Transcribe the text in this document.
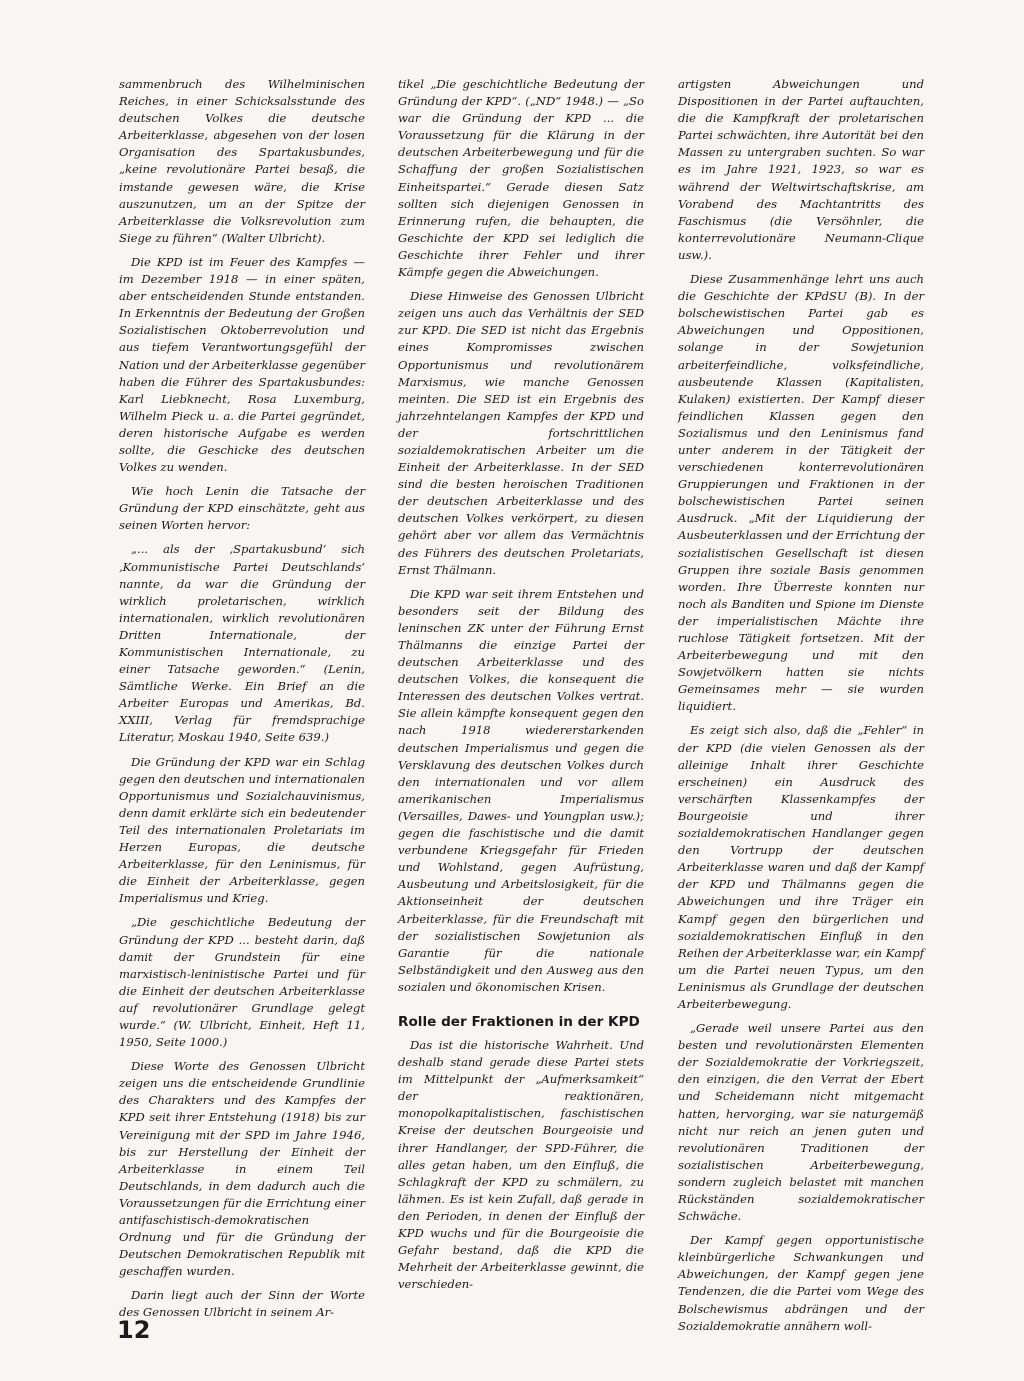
sammenbruch des Wilhelminischen Reiches, in einer Schicksalsstunde des deutschen Volkes die deutsche Arbeiterklasse, abgesehen von der losen Organisation des Spartakusbundes, „keine revolutionäre Partei besaß, die imstande gewesen wäre, die Krise auszunutzen, um an der Spitze der Arbeiterklasse die Volksrevolution zum Siege zu führen“ (Walter Ulbricht).

Die KPD ist im Feuer des Kampfes — im Dezember 1918 — in einer späten, aber entscheidenden Stunde entstanden. In Erkenntnis der Bedeutung der Großen Sozialistischen Oktoberrevolution und aus tiefem Verantwortungsgefühl der Nation und der Arbeiterklasse gegenüber haben die Führer des Spartakusbundes: Karl Liebknecht, Rosa Luxemburg, Wilhelm Pieck u. a. die Partei gegründet, deren historische Aufgabe es werden sollte, die Geschicke des deutschen Volkes zu wenden.

Wie hoch Lenin die Tatsache der Gründung der KPD einschätzte, geht aus seinen Worten hervor:

„... als der ‚Spartakusbund‘ sich ‚Kommunistische Partei Deutschlands‘ nannte, da war die Gründung der wirklich proletarischen, wirklich internationalen, wirklich revolutionären Dritten Internationale, der Kommunistischen Internationale, zu einer Tatsache geworden.“ (Lenin, Sämtliche Werke. Ein Brief an die Arbeiter Europas und Amerikas, Bd. XXIII, Verlag für fremdsprachige Literatur, Moskau 1940, Seite 639.)

Die Gründung der KPD war ein Schlag gegen den deutschen und internationalen Opportunismus und Sozialchauvinismus, denn damit erklärte sich ein bedeutender Teil des internationalen Proletariats im Herzen Europas, die deutsche Arbeiterklasse, für den Leninismus, für die Einheit der Arbeiterklasse, gegen Imperialismus und Krieg.

„Die geschichtliche Bedeutung der Gründung der KPD ... besteht darin, daß damit der Grundstein für eine marxistisch-leninistische Partei und für die Einheit der deutschen Arbeiterklasse auf revolutionärer Grundlage gelegt wurde.“ (W. Ulbricht, Einheit, Heft 11, 1950, Seite 1000.)

Diese Worte des Genossen Ulbricht zeigen uns die entscheidende Grundlinie des Charakters und des Kampfes der KPD seit ihrer Entstehung (1918) bis zur Vereinigung mit der SPD im Jahre 1946, bis zur Herstellung der Einheit der Arbeiterklasse in einem Teil Deutschlands, in dem dadurch auch die Voraussetzungen für die Errichtung einer antifaschistisch-demokratischen Ordnung und für die Gründung der Deutschen Demokratischen Republik mit geschaffen wurden.

Darin liegt auch der Sinn der Worte des Genossen Ulbricht in seinem Ar-

tikel „Die geschichtliche Bedeutung der Gründung der KPD“. („ND“ 1948.) — „So war die Gründung der KPD ... die Voraussetzung für die Klärung in der deutschen Arbeiterbewegung und für die Schaffung der großen Sozialistischen Einheitspartei.“ Gerade diesen Satz sollten sich diejenigen Genossen in Erinnerung rufen, die behaupten, die Geschichte der KPD sei lediglich die Geschichte ihrer Fehler und ihrer Kämpfe gegen die Abweichungen.

Diese Hinweise des Genossen Ulbricht zeigen uns auch das Verhältnis der SED zur KPD. Die SED ist nicht das Ergebnis eines Kompromisses zwischen Opportunismus und revolutionärem Marxismus, wie manche Genossen meinten. Die SED ist ein Ergebnis des jahrzehntelangen Kampfes der KPD und der fortschrittlichen sozialdemokratischen Arbeiter um die Einheit der Arbeiterklasse. In der SED sind die besten heroischen Traditionen der deutschen Arbeiterklasse und des deutschen Volkes verkörpert, zu diesen gehört aber vor allem das Vermächtnis des Führers des deutschen Proletariats, Ernst Thälmann.

Die KPD war seit ihrem Entstehen und besonders seit der Bildung des leninschen ZK unter der Führung Ernst Thälmanns die einzige Partei der deutschen Arbeiterklasse und des deutschen Volkes, die konsequent die Interessen des deutschen Volkes vertrat. Sie allein kämpfte konsequent gegen den nach 1918 wiedererstarkenden deutschen Imperialismus und gegen die Versklavung des deutschen Volkes durch den internationalen und vor allem amerikanischen Imperialismus (Versailles, Dawes- und Youngplan usw.); gegen die faschistische und die damit verbundene Kriegsgefahr für Frieden und Wohlstand, gegen Aufrüstung, Ausbeutung und Arbeitslosigkeit, für die Aktionseinheit der deutschen Arbeiterklasse, für die Freundschaft mit der sozialistischen Sowjetunion als Garantie für die nationale Selbständigkeit und den Ausweg aus den sozialen und ökonomischen Krisen.

Rolle der Fraktionen in der KPD

Das ist die historische Wahrheit. Und deshalb stand gerade diese Partei stets im Mittelpunkt der „Aufmerksamkeit“ der reaktionären, monopolkapitalistischen, faschistischen Kreise der deutschen Bourgeoisie und ihrer Handlanger, der SPD-Führer, die alles getan haben, um den Einfluß, die Schlagkraft der KPD zu schmälern, zu lähmen. Es ist kein Zufall, daß gerade in den Perioden, in denen der Einfluß der KPD wuchs und für die Bourgeoisie die Gefahr bestand, daß die KPD die Mehrheit der Arbeiterklasse gewinnt, die verschieden-

artigsten Abweichungen und Dispositionen in der Partei auftauchten, die die Kampfkraft der proletarischen Partei schwächten, ihre Autorität bei den Massen zu untergraben suchten. So war es im Jahre 1921, 1923, so war es während der Weltwirtschaftskrise, am Vorabend des Machtantritts des Faschismus (die Versöhnler, die konterrevolutionäre Neumann-Clique usw.).

Diese Zusammenhänge lehrt uns auch die Geschichte der KPdSU (B). In der bolschewistischen Partei gab es Abweichungen und Oppositionen, solange in der Sowjetunion arbeiterfeindliche, volksfeindliche, ausbeutende Klassen (Kapitalisten, Kulaken) existierten. Der Kampf dieser feindlichen Klassen gegen den Sozialismus und den Leninismus fand unter anderem in der Tätigkeit der verschiedenen konterrevolutionären Gruppierungen und Fraktionen in der bolschewistischen Partei seinen Ausdruck. „Mit der Liquidierung der Ausbeuterklassen und der Errichtung der sozialistischen Gesellschaft ist diesen Gruppen ihre soziale Basis genommen worden. Ihre Überreste konnten nur noch als Banditen und Spione im Dienste der imperialistischen Mächte ihre ruchlose Tätigkeit fortsetzen. Mit der Arbeiterbewegung und mit den Sowjetvölkern hatten sie nichts Gemeinsames mehr — sie wurden liquidiert.

Es zeigt sich also, daß die „Fehler“ in der KPD (die vielen Genossen als der alleinige Inhalt ihrer Geschichte erscheinen) ein Ausdruck des verschärften Klassenkampfes der Bourgeoisie und ihrer sozialdemokratischen Handlanger gegen den Vortrupp der deutschen Arbeiterklasse waren und daß der Kampf der KPD und Thälmanns gegen die Abweichungen und ihre Träger ein Kampf gegen den bürgerlichen und sozialdemokratischen Einfluß in den Reihen der Arbeiterklasse war, ein Kampf um die Partei neuen Typus, um den Leninismus als Grundlage der deutschen Arbeiterbewegung.

„Gerade weil unsere Partei aus den besten und revolutionärsten Elementen der Sozialdemokratie der Vorkriegszeit, den einzigen, die den Verrat der Ebert und Scheidemann nicht mitgemacht hatten, hervorging, war sie naturgemäß nicht nur reich an jenen guten und revolutionären Traditionen der sozialistischen Arbeiterbewegung, sondern zugleich belastet mit manchen Rückständen sozialdemokratischer Schwäche.

Der Kampf gegen opportunistische kleinbürgerliche Schwankungen und Abweichungen, der Kampf gegen jene Tendenzen, die die Partei vom Wege des Bolschewismus abdrängen und der Sozialdemokratie annähern woll-

12
